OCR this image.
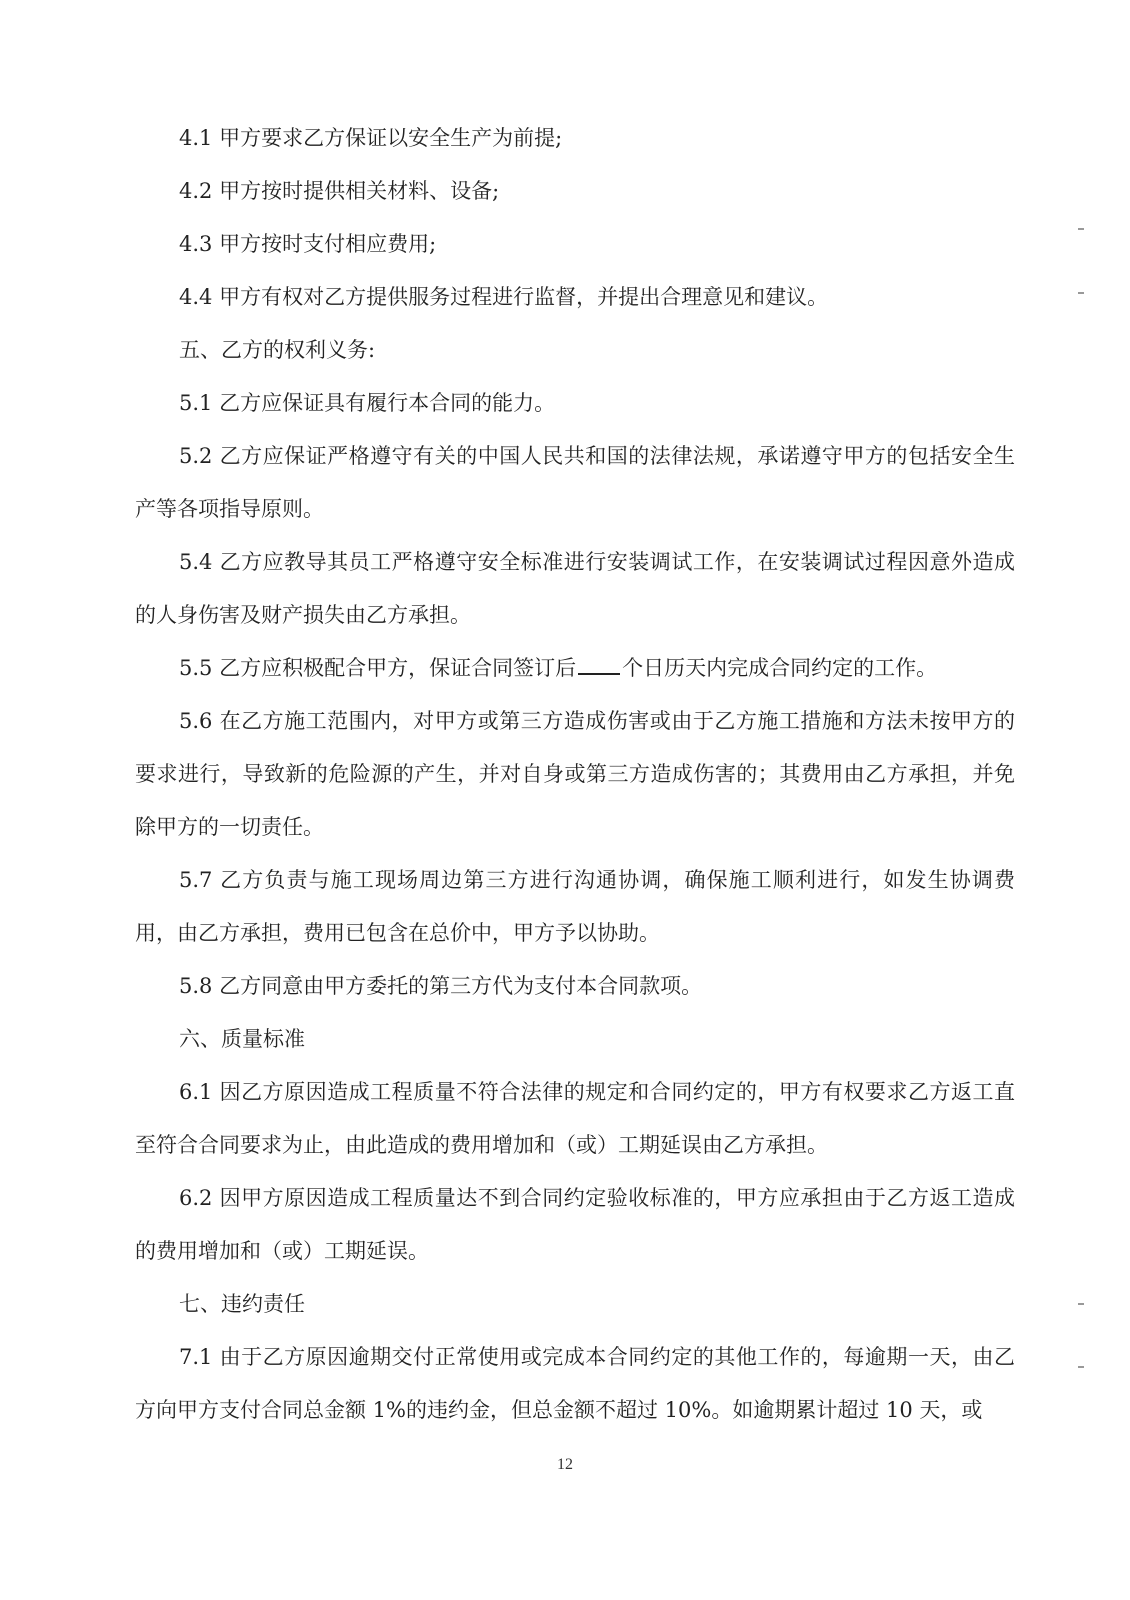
4.1 甲方要求乙方保证以安全生产为前提;

4.2 甲方按时提供相关材料、设备;

4.3 甲方按时支付相应费用;

4.4 甲方有权对乙方提供服务过程进行监督，并提出合理意见和建议。

五、乙方的权利义务:

5.1 乙方应保证具有履行本合同的能力。

5.2 乙方应保证严格遵守有关的中国人民共和国的法律法规，承诺遵守甲方的包括安全生产等各项指导原则。

5.4 乙方应教导其员工严格遵守安全标准进行安装调试工作，在安装调试过程因意外造成的人身伤害及财产损失由乙方承担。

5.5 乙方应积极配合甲方，保证合同签订后 个日历天内完成合同约定的工作。

5.6 在乙方施工范围内，对甲方或第三方造成伤害或由于乙方施工措施和方法未按甲方的要求进行，导致新的危险源的产生，并对自身或第三方造成伤害的；其费用由乙方承担，并免除甲方的一切责任。

5.7 乙方负责与施工现场周边第三方进行沟通协调，确保施工顺利进行，如发生协调费用，由乙方承担，费用已包含在总价中，甲方予以协助。

5.8 乙方同意由甲方委托的第三方代为支付本合同款项。

六、质量标准

6.1 因乙方原因造成工程质量不符合法律的规定和合同约定的，甲方有权要求乙方返工直至符合合同要求为止，由此造成的费用增加和（或）工期延误由乙方承担。

6.2 因甲方原因造成工程质量达不到合同约定验收标准的，甲方应承担由于乙方返工造成的费用增加和（或）工期延误。

七、违约责任

7.1 由于乙方原因逾期交付正常使用或完成本合同约定的其他工作的，每逾期一天，由乙方向甲方支付合同总金额 1%的违约金，但总金额不超过 10%。如逾期累计超过 10 天，或

12
